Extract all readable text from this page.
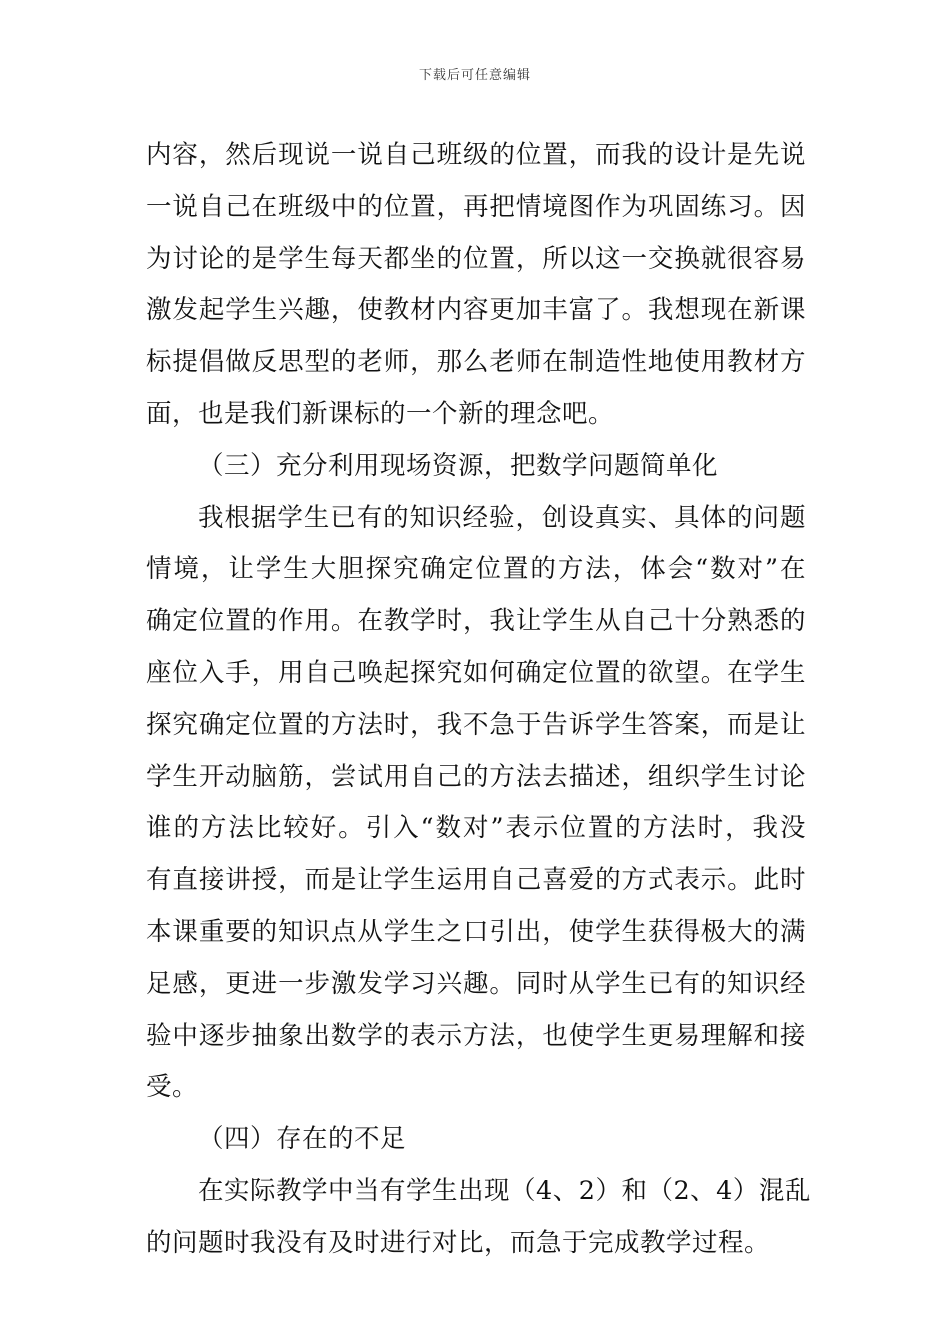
下载后可任意编辑
内容，然后现说一说自己班级的位置，而我的设计是先说
一说自己在班级中的位置，再把情境图作为巩固练习。因
为讨论的是学生每天都坐的位置，所以这一交换就很容易
激发起学生兴趣，使教材内容更加丰富了。我想现在新课
标提倡做反思型的老师，那么老师在制造性地使用教材方
面，也是我们新课标的一个新的理念吧。
（三）充分利用现场资源，把数学问题简单化
我根据学生已有的知识经验，创设真实、具体的问题
情境，让学生大胆探究确定位置的方法，体会“数对”在
确定位置的作用。在教学时，我让学生从自己十分熟悉的
座位入手，用自己唤起探究如何确定位置的欲望。在学生
探究确定位置的方法时，我不急于告诉学生答案，而是让
学生开动脑筋，尝试用自己的方法去描述，组织学生讨论
谁的方法比较好。引入“数对”表示位置的方法时，我没
有直接讲授，而是让学生运用自己喜爱的方式表示。此时
本课重要的知识点从学生之口引出，使学生获得极大的满
足感，更进一步激发学习兴趣。同时从学生已有的知识经
验中逐步抽象出数学的表示方法，也使学生更易理解和接
受。
（四）存在的不足
在实际教学中当有学生出现（4、2）和（2、4）混乱
的问题时我没有及时进行对比，而急于完成教学过程。
